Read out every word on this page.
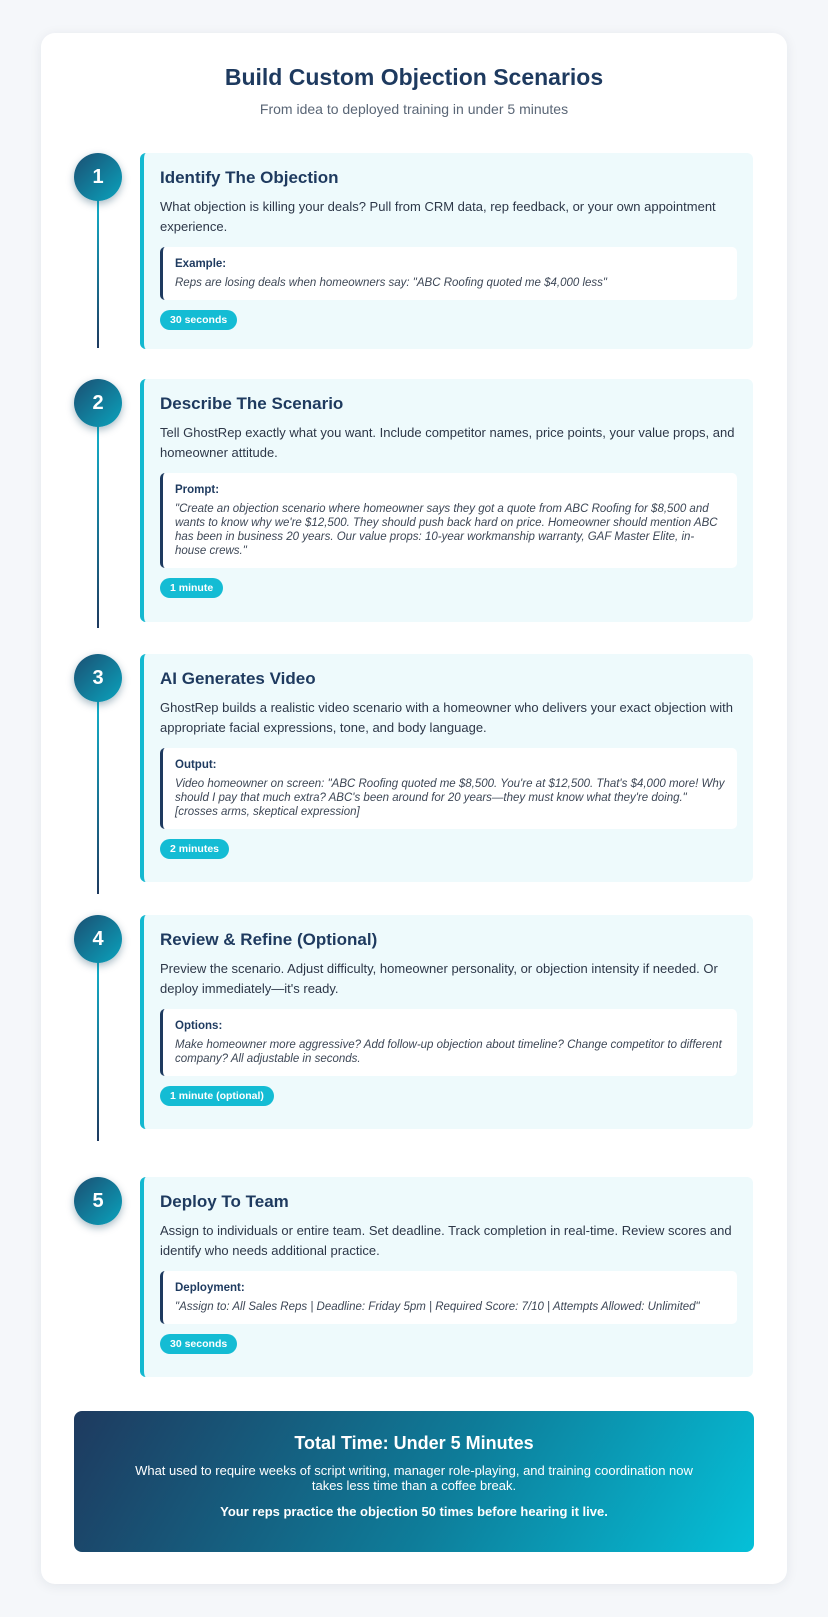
Build Custom Objection Scenarios

From idea to deployed training in under 5 minutes

1	Identify The Objection
What objection is killing your deals? Pull from CRM data, rep feedback, or your own appointment experience.
Example:
Reps are losing deals when homeowners say: "ABC Roofing quoted me $4,000 less"
30 seconds
2	Describe The Scenario
Tell GhostRep exactly what you want. Include competitor names, price points, your value props, and homeowner attitude.
Prompt:
"Create an objection scenario where homeowner says they got a quote from ABC Roofing for $8,500 and wants to know why we're $12,500. They should push back hard on price. Homeowner should mention ABC has been in business 20 years. Our value props: 10-year workmanship warranty, GAF Master Elite, in-house crews."
1 minute
3	AI Generates Video
GhostRep builds a realistic video scenario with a homeowner who delivers your exact objection with appropriate facial expressions, tone, and body language.
Output:
Video homeowner on screen: "ABC Roofing quoted me $8,500. You're at $12,500. That's $4,000 more! Why should I pay that much extra? ABC's been around for 20 years—they must know what they're doing." [crosses arms, skeptical expression]
2 minutes
4	Review & Refine (Optional)
Preview the scenario. Adjust difficulty, homeowner personality, or objection intensity if needed. Or deploy immediately—it's ready.
Options:
Make homeowner more aggressive? Add follow-up objection about timeline? Change competitor to different company? All adjustable in seconds.
1 minute (optional)
5	Deploy To Team
Assign to individuals or entire team. Set deadline. Track completion in real-time. Review scores and identify who needs additional practice.
Deployment:
"Assign to: All Sales Reps | Deadline: Friday 5pm | Required Score: 7/10 | Attempts Allowed: Unlimited"
30 seconds
Total Time: Under 5 Minutes
What used to require weeks of script writing, manager role-playing, and training coordination now takes less time than a coffee break.
Your reps practice the objection 50 times before hearing it live.
